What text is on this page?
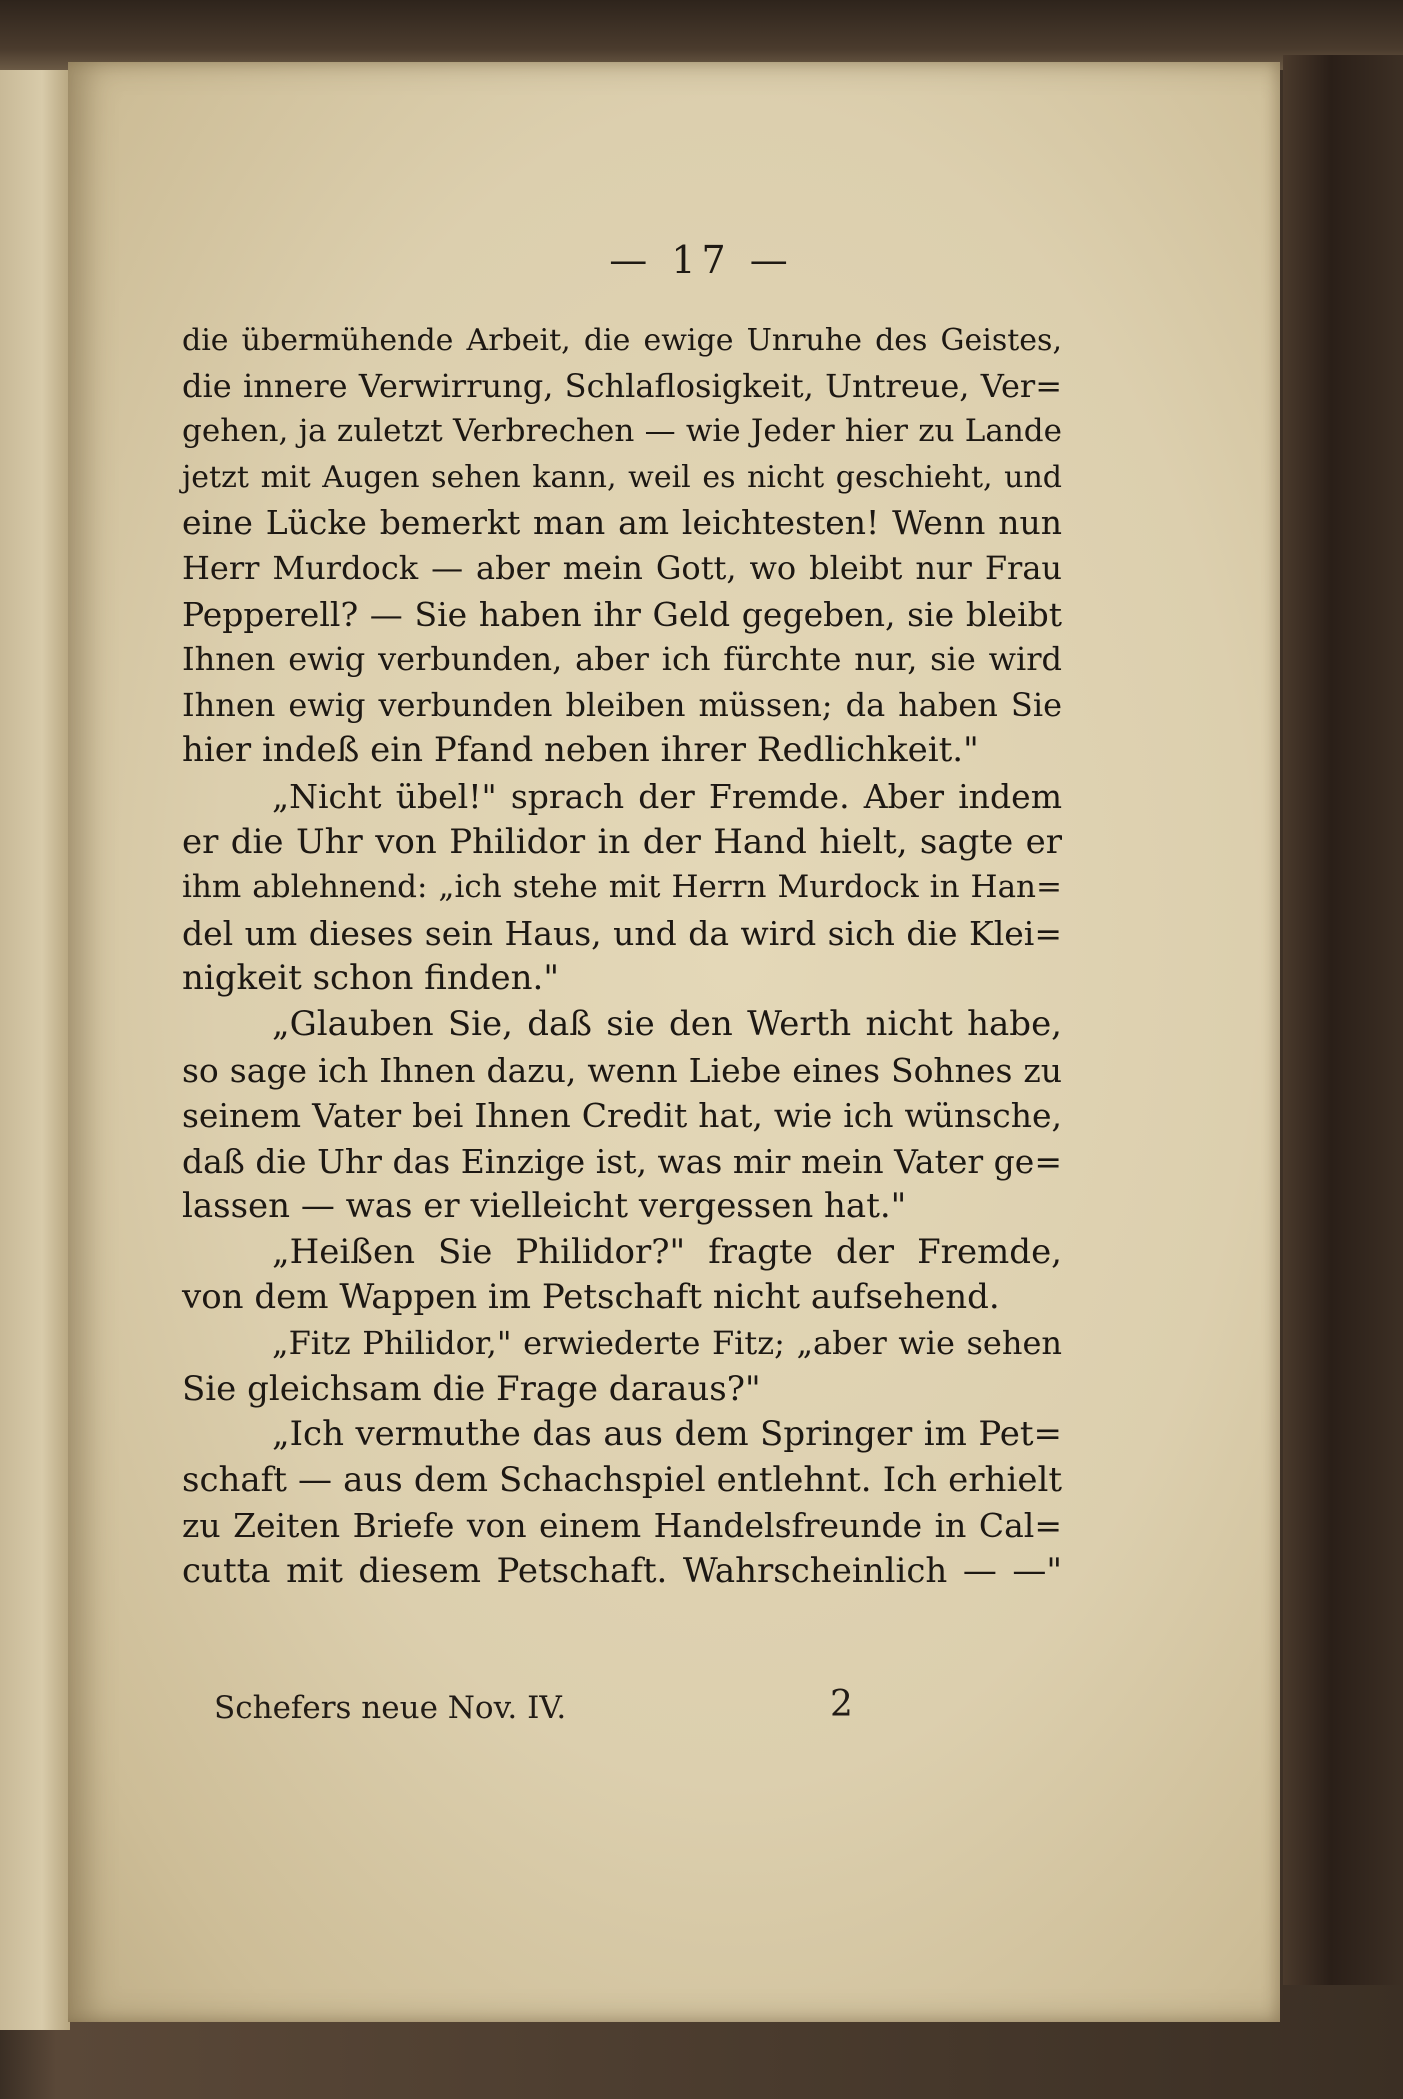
— 17 —
die übermühende Arbeit, die ewige Unruhe des Geistes,
die innere Verwirrung, Schlaflosigkeit, Untreue, Ver=
gehen, ja zuletzt Verbrechen — wie Jeder hier zu Lande
jetzt mit Augen sehen kann, weil es nicht geschieht, und
eine Lücke bemerkt man am leichtesten! Wenn nun
Herr Murdock — aber mein Gott, wo bleibt nur Frau
Pepperell? — Sie haben ihr Geld gegeben, sie bleibt
Ihnen ewig verbunden, aber ich fürchte nur, sie wird
Ihnen ewig verbunden bleiben müssen; da haben Sie
hier indeß ein Pfand neben ihrer Redlichkeit."
„Nicht übel!" sprach der Fremde. Aber indem
er die Uhr von Philidor in der Hand hielt, sagte er
ihm ablehnend: „ich stehe mit Herrn Murdock in Han=
del um dieses sein Haus, und da wird sich die Klei=
nigkeit schon finden."
„Glauben Sie, daß sie den Werth nicht habe,
so sage ich Ihnen dazu, wenn Liebe eines Sohnes zu
seinem Vater bei Ihnen Credit hat, wie ich wünsche,
daß die Uhr das Einzige ist, was mir mein Vater ge=
lassen — was er vielleicht vergessen hat."
„Heißen Sie Philidor?" fragte der Fremde,
von dem Wappen im Petschaft nicht aufsehend.
„Fitz Philidor," erwiederte Fitz; „aber wie sehen
Sie gleichsam die Frage daraus?"
„Ich vermuthe das aus dem Springer im Pet=
schaft — aus dem Schachspiel entlehnt. Ich erhielt
zu Zeiten Briefe von einem Handelsfreunde in Cal=
cutta mit diesem Petschaft. Wahrscheinlich — —"
Schefers neue Nov. IV.	2
